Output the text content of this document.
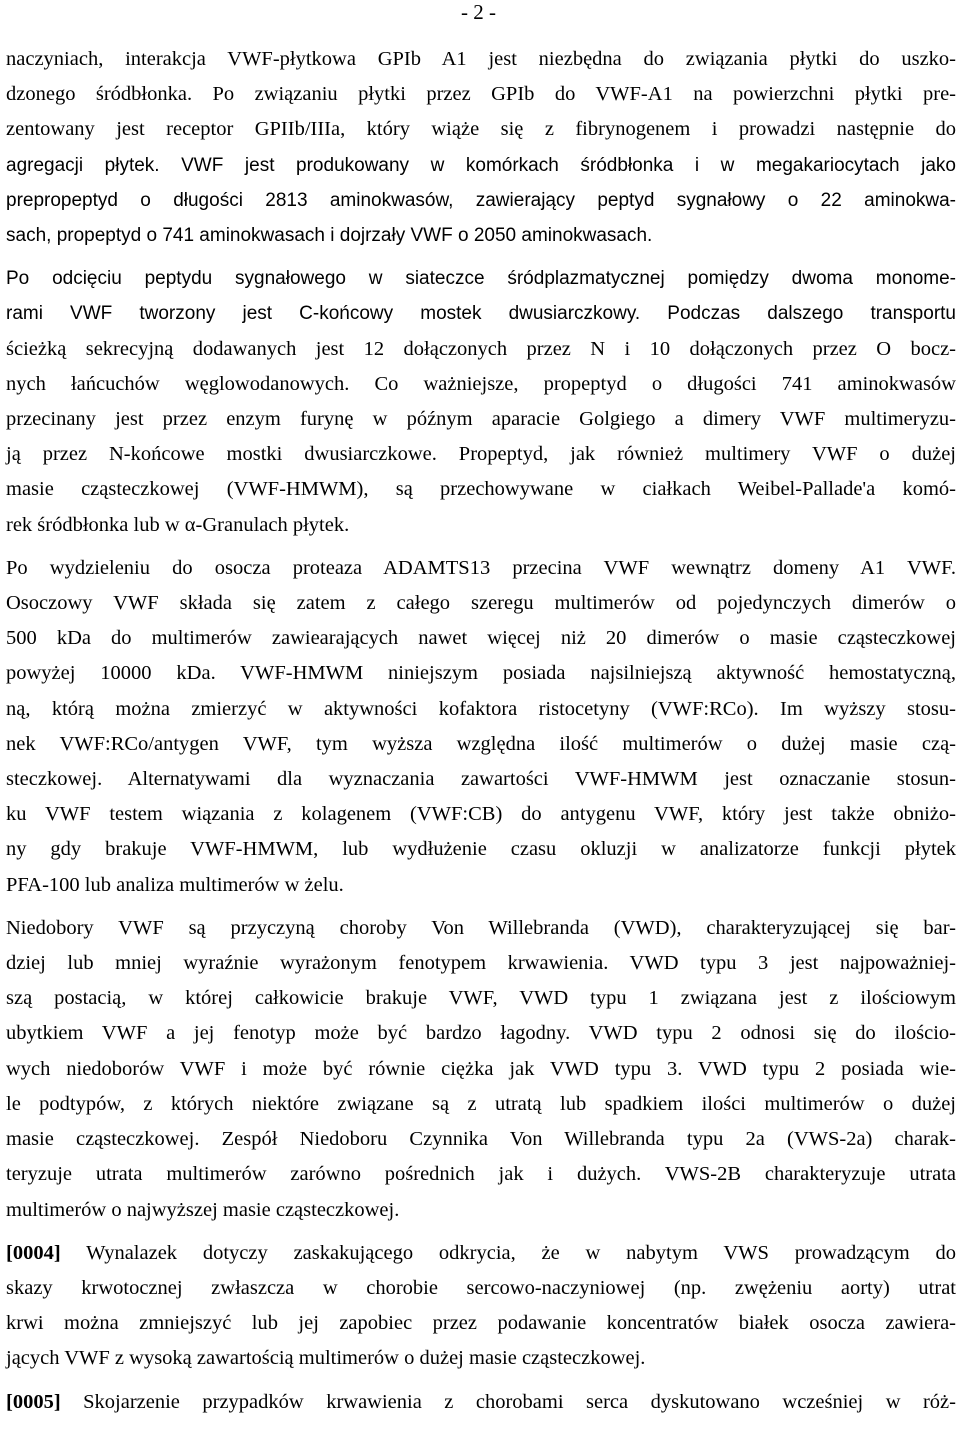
- 2 -

naczyniach, interakcja VWF-płytkowa GPIb A1 jest niezbędna do związania płytki do uszko-
dzonego śródbłonka. Po związaniu płytki przez GPIb do VWF-A1 na powierzchni płytki pre-
zentowany jest receptor GPIIb/IIIa, który wiąże się z fibrynogenem i prowadzi następnie do
agregacji płytek. VWF jest produkowany w komórkach śródbłonka i w megakariocytach jako
prepropeptyd o długości 2813 aminokwasów, zawierający peptyd sygnałowy o 22 aminokwa-
sach, propeptyd o 741 aminokwasach i dojrzały VWF o 2050 aminokwasach.

Po odcięciu peptydu sygnałowego w siateczce śródplazmatycznej pomiędzy dwoma monome-
rami VWF tworzony jest C-końcowy mostek dwusiarczkowy. Podczas dalszego transportu
ścieżką sekrecyjną dodawanych jest 12 dołączonych przez N i 10 dołączonych przez O bocz-
nych łańcuchów węglowodanowych. Co ważniejsze, propeptyd o długości 741 aminokwasów
przecinany jest przez enzym furynę w późnym aparacie Golgiego a dimery VWF multimeryzu-
ją przez N-końcowe mostki dwusiarczkowe. Propeptyd, jak również multimery VWF o dużej
masie cząsteczkowej (VWF-HMWM), są przechowywane w ciałkach Weibel-Pallade'a komó-
rek śródbłonka lub w α-Granulach płytek.

Po wydzieleniu do osocza proteaza ADAMTS13 przecina VWF wewnątrz domeny A1 VWF.
Osoczowy VWF składa się zatem z całego szeregu multimerów od pojedynczych dimerów o
500 kDa do multimerów zawiearających nawet więcej niż 20 dimerów o masie cząsteczkowej
powyżej 10000 kDa. VWF-HMWM niniejszym posiada najsilniejszą aktywność hemostatyczną,
ną, którą można zmierzyć w aktywności kofaktora ristocetyny (VWF:RCo). Im wyższy stosu-
nek VWF:RCo/antygen VWF, tym wyższa względna ilość multimerów o dużej masie czą-
steczkowej. Alternatywami dla wyznaczania zawartości VWF-HMWM jest oznaczanie stosun-
ku VWF testem wiązania z kolagenem (VWF:CB) do antygenu VWF, który jest także obniżo-
ny gdy brakuje VWF-HMWM, lub wydłużenie czasu okluzji w analizatorze funkcji płytek
PFA-100 lub analiza multimerów w żelu.

Niedobory VWF są przyczyną choroby Von Willebranda (VWD), charakteryzującej się bar-
dziej lub mniej wyraźnie wyrażonym fenotypem krwawienia. VWD typu 3 jest najpoważniej-
szą postacią, w której całkowicie brakuje VWF, VWD typu 1 związana jest z ilościowym
ubytkiem VWF a jej fenotyp może być bardzo łagodny. VWD typu 2 odnosi się do ilościo-
wych niedoborów VWF i może być równie ciężka jak VWD typu 3. VWD typu 2 posiada wie-
le podtypów, z których niektóre związane są z utratą lub spadkiem ilości multimerów o dużej
masie cząsteczkowej. Zespół Niedoboru Czynnika Von Willebranda typu 2a (VWS-2a) charak-
teryzuje utrata multimerów zarówno pośrednich jak i dużych. VWS-2B charakteryzuje utrata
multimerów o najwyższej masie cząsteczkowej.

[0004] Wynalazek dotyczy zaskakującego odkrycia, że w nabytym VWS prowadzącym do
skazy krwotocznej zwłaszcza w chorobie sercowo-naczyniowej (np. zwężeniu aorty) utrat
krwi można zmniejszyć lub jej zapobiec przez podawanie koncentratów białek osocza zawiera-
jących VWF z wysoką zawartością multimerów o dużej masie cząsteczkowej.

[0005] Skojarzenie przypadków krwawienia z chorobami serca dyskutowano wcześniej w róż-
